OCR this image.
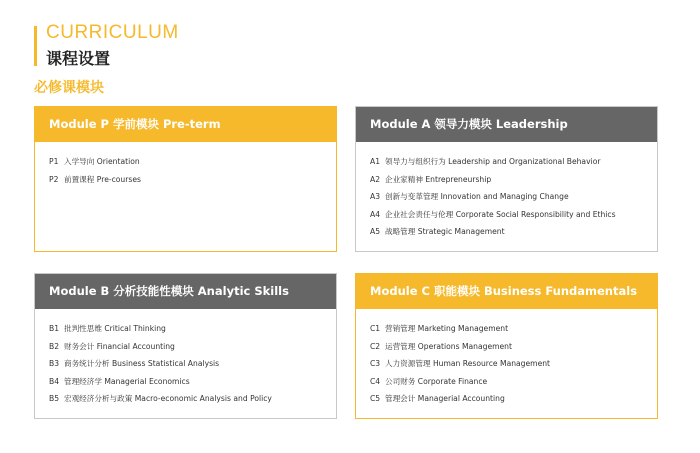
CURRICULUM
课程设置
必修课模块
Module P 学前模块 Pre-term
P1 入学导向 Orientation
P2 前置课程 Pre-courses
Module A 领导力模块 Leadership
A1 领导力与组织行为 Leadership and Organizational Behavior
A2 企业家精神 Entrepreneurship
A3 创新与变革管理 Innovation and Managing Change
A4 企业社会责任与伦理 Corporate Social Responsibility and Ethics
A5 战略管理 Strategic Management
Module B 分析技能性模块 Analytic Skills
B1 批判性思维 Critical Thinking
B2 财务会计 Financial Accounting
B3 商务统计分析 Business Statistical Analysis
B4 管理经济学 Managerial Economics
B5 宏观经济分析与政策 Macro-economic Analysis and Policy
Module C 职能模块 Business Fundamentals
C1 营销管理 Marketing Management
C2 运营管理 Operations Management
C3 人力资源管理 Human Resource Management
C4 公司财务 Corporate Finance
C5 管理会计 Managerial Accounting
